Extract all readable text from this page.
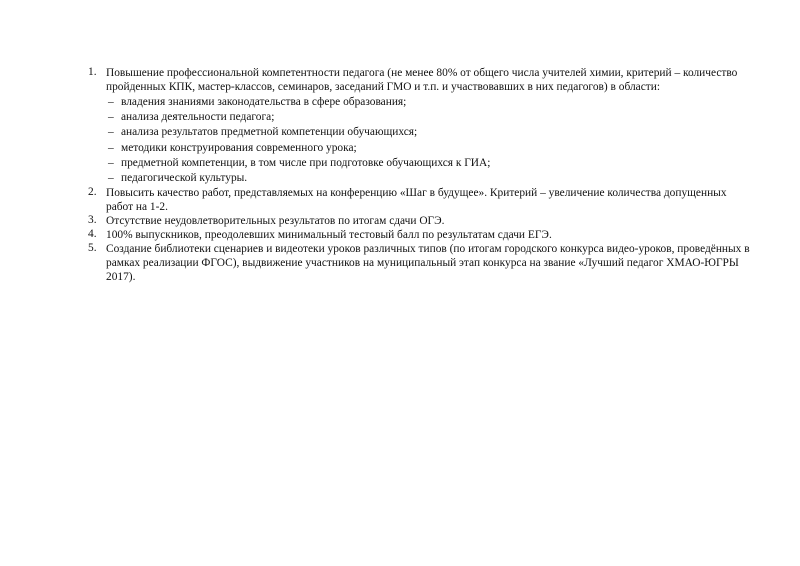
1. Повышение профессиональной компетентности педагога (не менее 80% от общего числа учителей химии, критерий – количество
пройденных КПК, мастер-классов, семинаров, заседаний ГМО и т.п. и участвовавших в них педагогов) в области:
– владения знаниями законодательства в сфере образования;
– анализа деятельности педагога;
– анализа результатов предметной компетенции обучающихся;
– методики конструирования современного урока;
– предметной компетенции, в том числе при подготовке обучающихся к ГИА;
– педагогической культуры.
2. Повысить качество работ, представляемых на конференцию «Шаг в будущее». Критерий – увеличение количества допущенных
работ на 1-2.
3. Отсутствие неудовлетворительных результатов по итогам сдачи ОГЭ.
4. 100% выпускников, преодолевших минимальный тестовый балл по результатам сдачи ЕГЭ.
5. Создание библиотеки сценариев и видеотеки уроков различных типов (по итогам городского конкурса видео-уроков, проведённых в
рамках реализации ФГОС), выдвижение участников на муниципальный этап конкурса на звание «Лучший педагог ХМАО-ЮГРЫ
2017).
